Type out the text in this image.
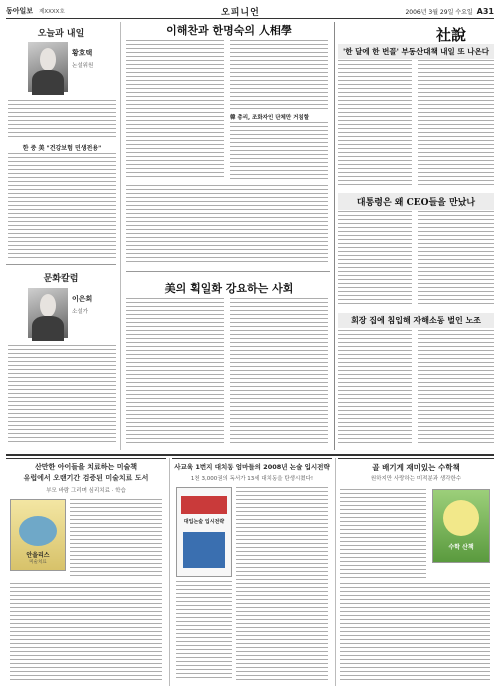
동아일보 제XXXX호	오피니언	2006년 3월 29일 수요일 A31
오늘과 내일
황호택
논설위원
한 중 美 "건강보험 민생전용"
문화칼럼
이은희
소설가
이해찬과 한명숙의 人相學
韓 총리, 조화자인 단체만 거침할
美의 획일화 강요하는 사회
社說
'한 달에 한 번꼴' 부동산대책 내일 또 나온다
대통령은 왜 CEO들을 만났나
회장 집에 침입해 자해소동 벌인 노조
산만한 아이들을 치료하는 미술책
유럽에서 오랜기간 검증된 미술치료 도서
부모 바람 그리며 심리치료 · 학습
안을리스
미술치료
사교육 1번지 대치동 엄마들의 2008년 논술 입시전략
1천 3,000권의 독서가 13세 대치동을 탄생시켰다!
대입논술 입시전략
골 배기게 재미있는 수학책
원하지만 사랑하는 미적분과 생각한수
수학 산책
